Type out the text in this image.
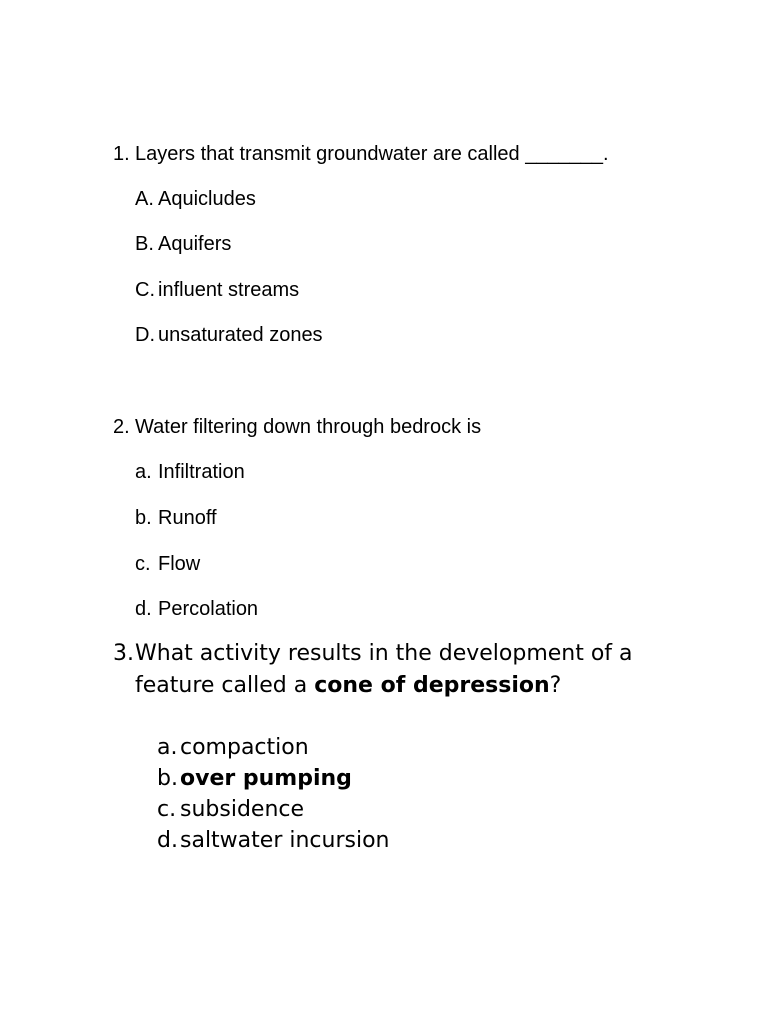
1. Layers that transmit groundwater are called _______.
A. Aquicludes
B. Aquifers
C. influent streams
D. unsaturated zones
2. Water filtering down through bedrock is
a. Infiltration
b. Runoff
c. Flow
d. Percolation
3. What activity results in the development of a feature called a cone of depression?
a. compaction
b.over pumping
c. subsidence
d.saltwater incursion
